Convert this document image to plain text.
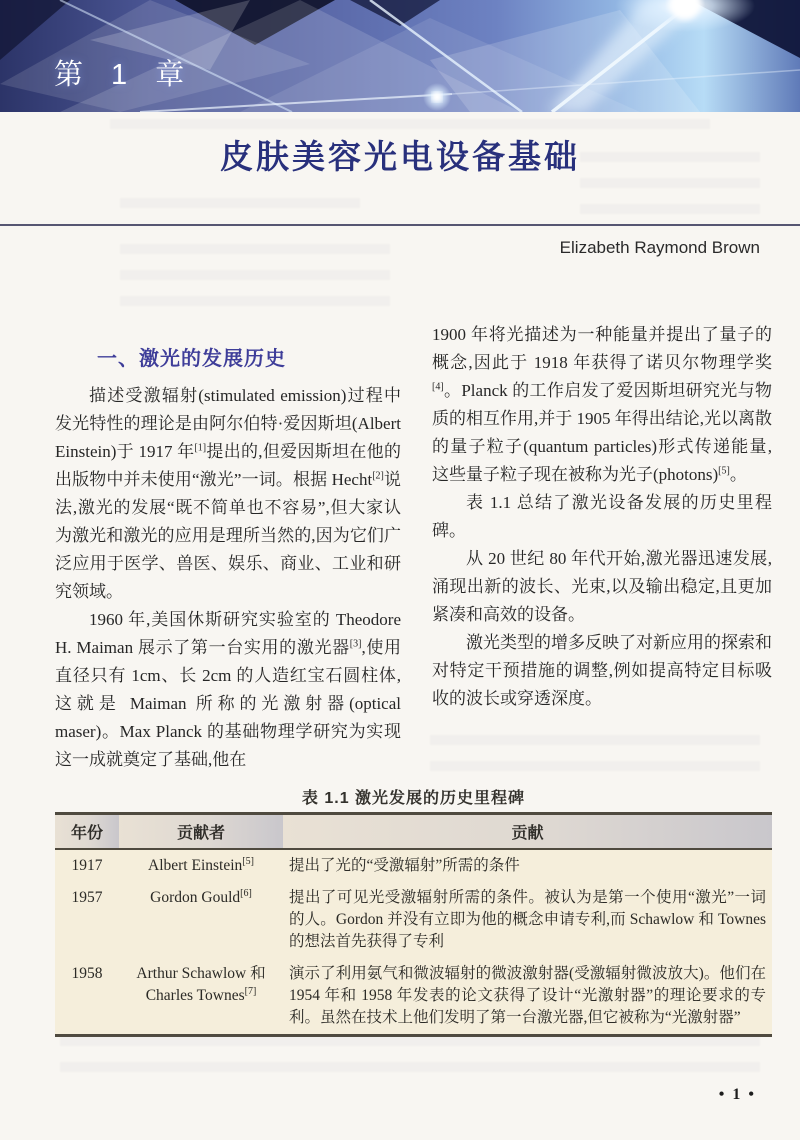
第 1 章
皮肤美容光电设备基础
Elizabeth Raymond Brown
一、激光的发展历史

描述受激辐射(stimulated emission)过程中发光特性的理论是由阿尔伯特·爱因斯坦(Albert Einstein)于 1917 年[1]提出的,但爱因斯坦在他的出版物中并未使用“激光”一词。根据 Hecht[2]说法,激光的发展“既不简单也不容易”,但大家认为激光和激光的应用是理所当然的,因为它们广泛应用于医学、兽医、娱乐、商业、工业和研究领域。

1960 年,美国休斯研究实验室的 Theodore H. Maiman 展示了第一台实用的激光器[3],使用直径只有 1cm、长 2cm 的人造红宝石圆柱体,这就是 Maiman 所称的光激射器(optical maser)。Max Planck 的基础物理学研究为实现这一成就奠定了基础,他在

1900 年将光描述为一种能量并提出了量子的概念,因此于 1918 年获得了诺贝尔物理学奖[4]。Planck 的工作启发了爱因斯坦研究光与物质的相互作用,并于 1905 年得出结论,光以离散的量子粒子(quantum particles)形式传递能量,这些量子粒子现在被称为光子(photons)[5]。

表 1.1 总结了激光设备发展的历史里程碑。

从 20 世纪 80 年代开始,激光器迅速发展,涌现出新的波长、光束,以及输出稳定,且更加紧凑和高效的设备。

激光类型的增多反映了对新应用的探索和对特定干预措施的调整,例如提高特定目标吸收的波长或穿透深度。

表 1.1 激光发展的历史里程碑
年份	贡献者	贡献
1917	Albert Einstein[5]	提出了光的“受激辐射”所需的条件
1957	Gordon Gould[6]	提出了可见光受激辐射所需的条件。被认为是第一个使用“激光”一词的人。Gordon 并没有立即为他的概念申请专利,而 Schawlow 和 Townes 的想法首先获得了专利
1958	Arthur Schawlow 和 Charles Townes[7]	演示了利用氨气和微波辐射的微波激射器(受激辐射微波放大)。他们在 1954 年和 1958 年发表的论文获得了设计“光激射器”的理论要求的专利。虽然在技术上他们发明了第一台激光器,但它被称为“光激射器”
• 1 •
